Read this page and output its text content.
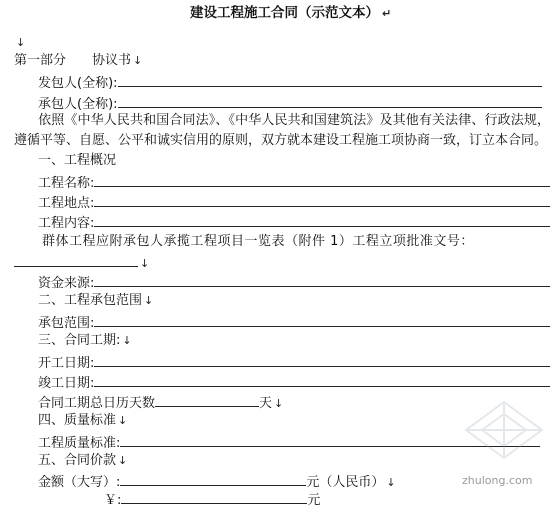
建设工程施工合同（示范文本） ↵
↓
第一部分　　协议书 ↓
发包人(全称):
承包人(全称):
依照《中华人民共和国合同法》、《中华人民共和国建筑法》及其他有关法律、行政法规，遵循平等、自愿、公平和诚实信用的原则，双方就本建设工程施工项协商一致，订立本合同。
一、工程概况
工程名称:
工程地点:
工程内容:
群体工程应附承包人承揽工程项目一览表（附件 1）工程立项批准文号：
↓
资金来源:
二、工程承包范围 ↓
承包范围:
三、合同工期: ↓
开工日期:
竣工日期:
合同工期总日历天数	天 ↓
四、质量标准 ↓
工程质量标准:
五、合同价款 ↓
金额（大写）:	元（人民币） ↓
￥:	元
zhulong.com
